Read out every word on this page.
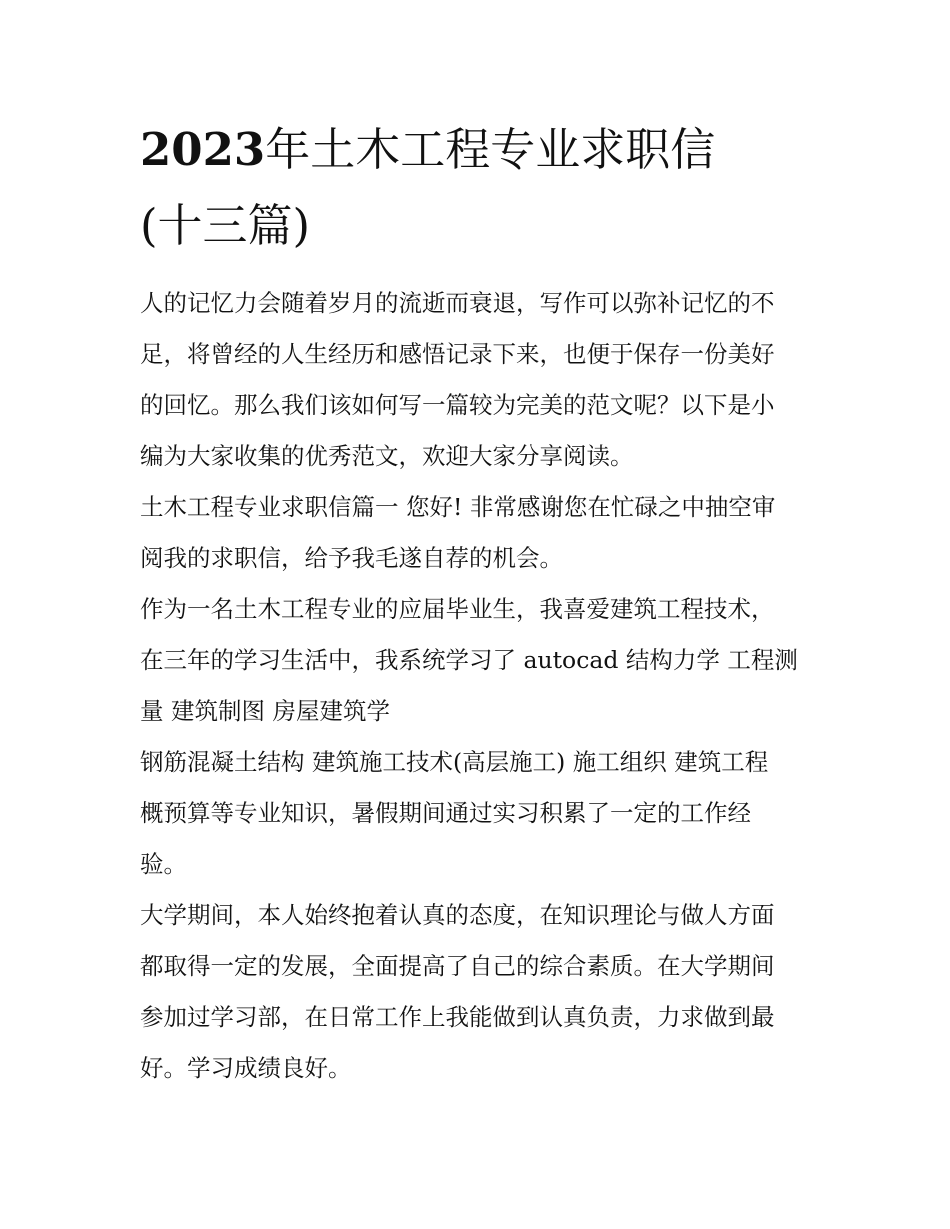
2023年土木工程专业求职信
(十三篇)

人的记忆力会随着岁月的流逝而衰退，写作可以弥补记忆的不
足，将曾经的人生经历和感悟记录下来，也便于保存一份美好
的回忆。那么我们该如何写一篇较为完美的范文呢？以下是小
编为大家收集的优秀范文，欢迎大家分享阅读。

土木工程专业求职信篇一 您好! 非常感谢您在忙碌之中抽空审
阅我的求职信，给予我毛遂自荐的机会。

作为一名土木工程专业的应届毕业生，我喜爱建筑工程技术，
在三年的学习生活中，我系统学习了 autocad 结构力学 工程测
量 建筑制图 房屋建筑学

钢筋混凝土结构 建筑施工技术(高层施工) 施工组织 建筑工程
概预算等专业知识，暑假期间通过实习积累了一定的工作经
验。

大学期间，本人始终抱着认真的态度，在知识理论与做人方面
都取得一定的发展，全面提高了自己的综合素质。在大学期间
参加过学习部，在日常工作上我能做到认真负责，力求做到最
好。学习成绩良好。
